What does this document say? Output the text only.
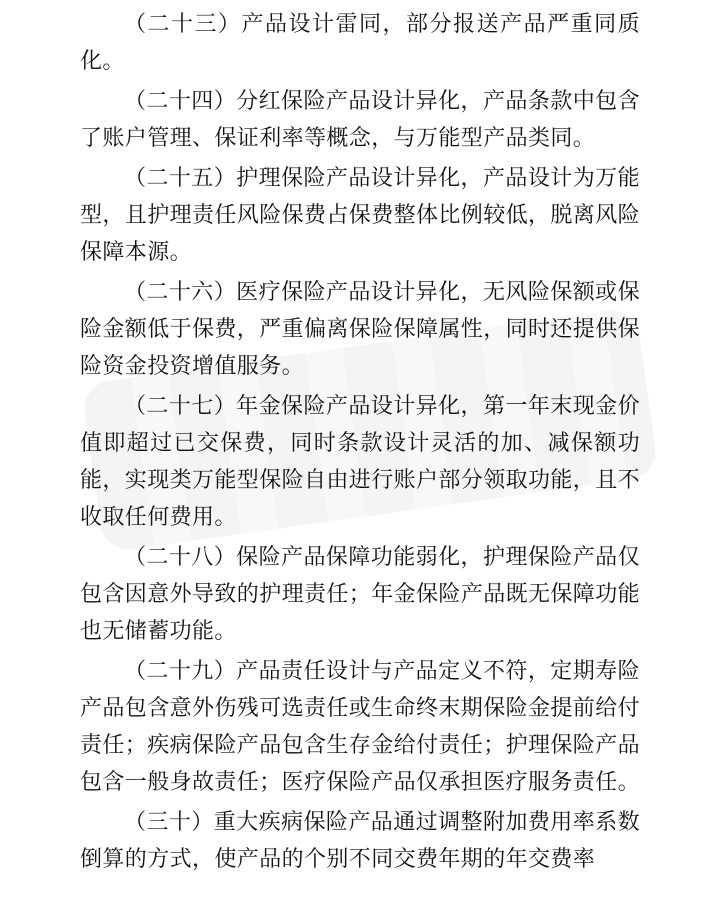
（二十三）产品设计雷同，部分报送产品严重同质化。

（二十四）分红保险产品设计异化，产品条款中包含了账户管理、保证利率等概念，与万能型产品类同。

（二十五）护理保险产品设计异化，产品设计为万能型，且护理责任风险保费占保费整体比例较低，脱离风险保障本源。

（二十六）医疗保险产品设计异化，无风险保额或保险金额低于保费，严重偏离保险保障属性，同时还提供保险资金投资增值服务。

（二十七）年金保险产品设计异化，第一年末现金价值即超过已交保费，同时条款设计灵活的加、减保额功能，实现类万能型保险自由进行账户部分领取功能，且不收取任何费用。

（二十八）保险产品保障功能弱化，护理保险产品仅包含因意外导致的护理责任；年金保险产品既无保障功能也无储蓄功能。

（二十九）产品责任设计与产品定义不符，定期寿险产品包含意外伤残可选责任或生命终末期保险金提前给付责任；疾病保险产品包含生存金给付责任；护理保险产品包含一般身故责任；医疗保险产品仅承担医疗服务责任。

（三十）重大疾病保险产品通过调整附加费用率系数倒算的方式，使产品的个别不同交费年期的年交费率
